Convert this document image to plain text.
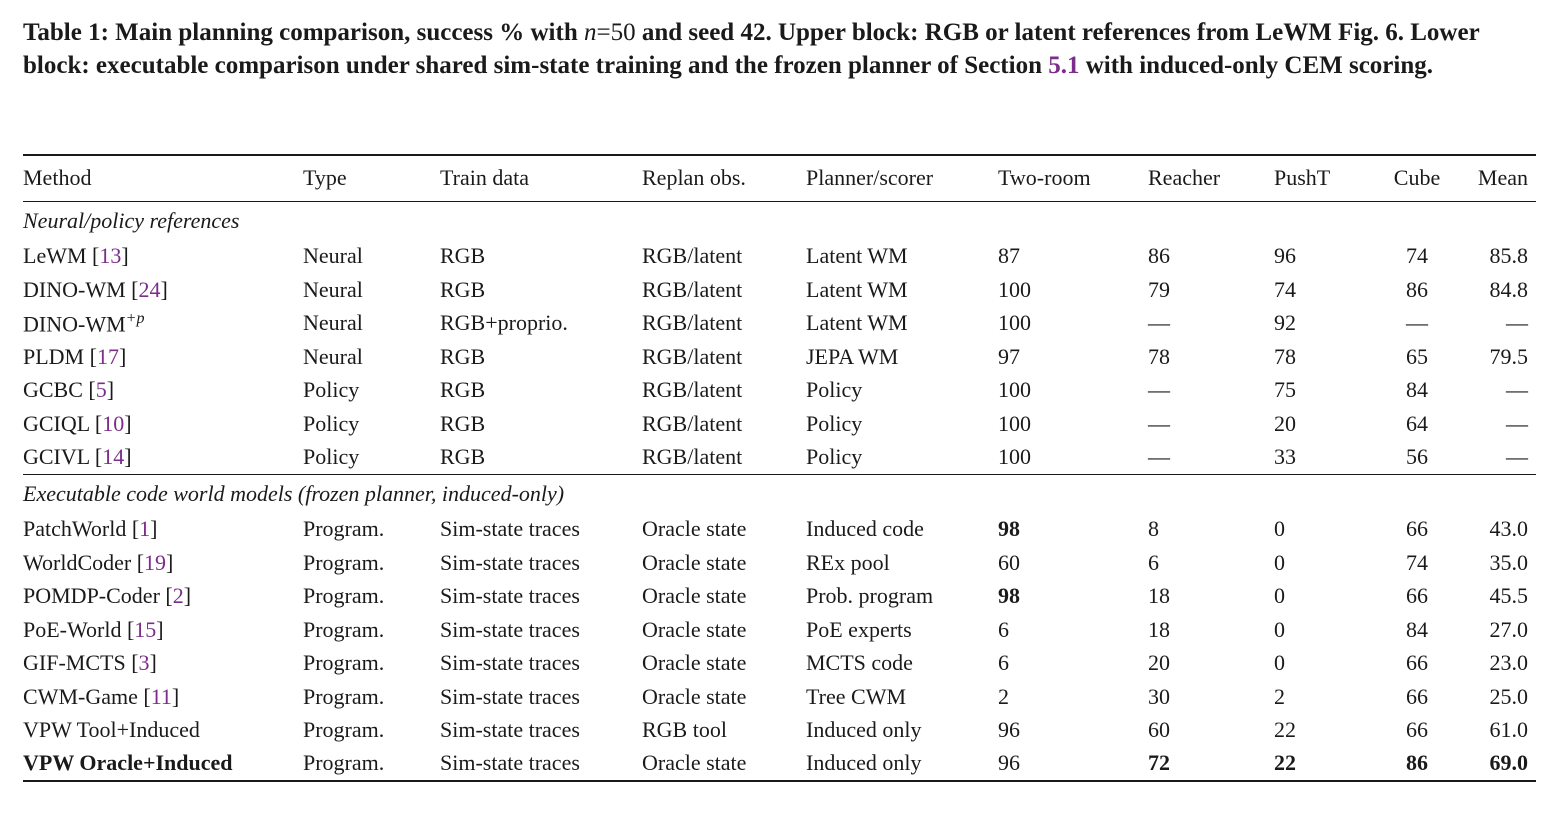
Table 1: Main planning comparison, success % with n=50 and seed 42. Upper block: RGB or latent references from LeWM Fig. 6. Lower block: executable comparison under shared sim-state training and the frozen planner of Section 5.1 with induced-only CEM scoring.

Method	Type	Train data	Replan obs.	Planner/scorer	Two-room	Reacher	PushT	Cube	Mean
Neural/policy references									
LeWM [13]	Neural	RGB	RGB/latent	Latent WM	87	86	96	74	85.8
DINO-WM [24]	Neural	RGB	RGB/latent	Latent WM	100	79	74	86	84.8
DINO-$WM^{+p}$	Neural	RGB+proprio.	RGB/latent	Latent WM	100	—	92	—	—
PLDM [17]	Neural	RGB	RGB/latent	JEPA WM	97	78	78	65	79.5
GCBC [5]	Policy	RGB	RGB/latent	Policy	100	—	75	84	—
GCIQL [10]	Policy	RGB	RGB/latent	Policy	100	—	20	64	—
GCIVL [14]	Policy	RGB	RGB/latent	Policy	100	—	33	56	—
Executable code world models (frozen planner, induced-only)									
PatchWorld [1]	Program.	Sim-state traces	Oracle state	Induced code	98	8	0	66	43.0
WorldCoder [19]	Program.	Sim-state traces	Oracle state	REx pool	60	6	0	74	35.0
POMDP-Coder [2]	Program.	Sim-state traces	Oracle state	Prob. program	98	18	0	66	45.5
PoE-World [15]	Program.	Sim-state traces	Oracle state	PoE experts	6	18	0	84	27.0
GIF-MCTS [3]	Program.	Sim-state traces	Oracle state	MCTS code	6	20	0	66	23.0
CWM-Game [11]	Program.	Sim-state traces	Oracle state	Tree CWM	2	30	2	66	25.0
VPW Tool+Induced	Program.	Sim-state traces	RGB tool	Induced only	96	60	22	66	61.0
VPW Oracle+Induced	Program.	Sim-state traces	Oracle state	Induced only	96	72	22	86	69.0
